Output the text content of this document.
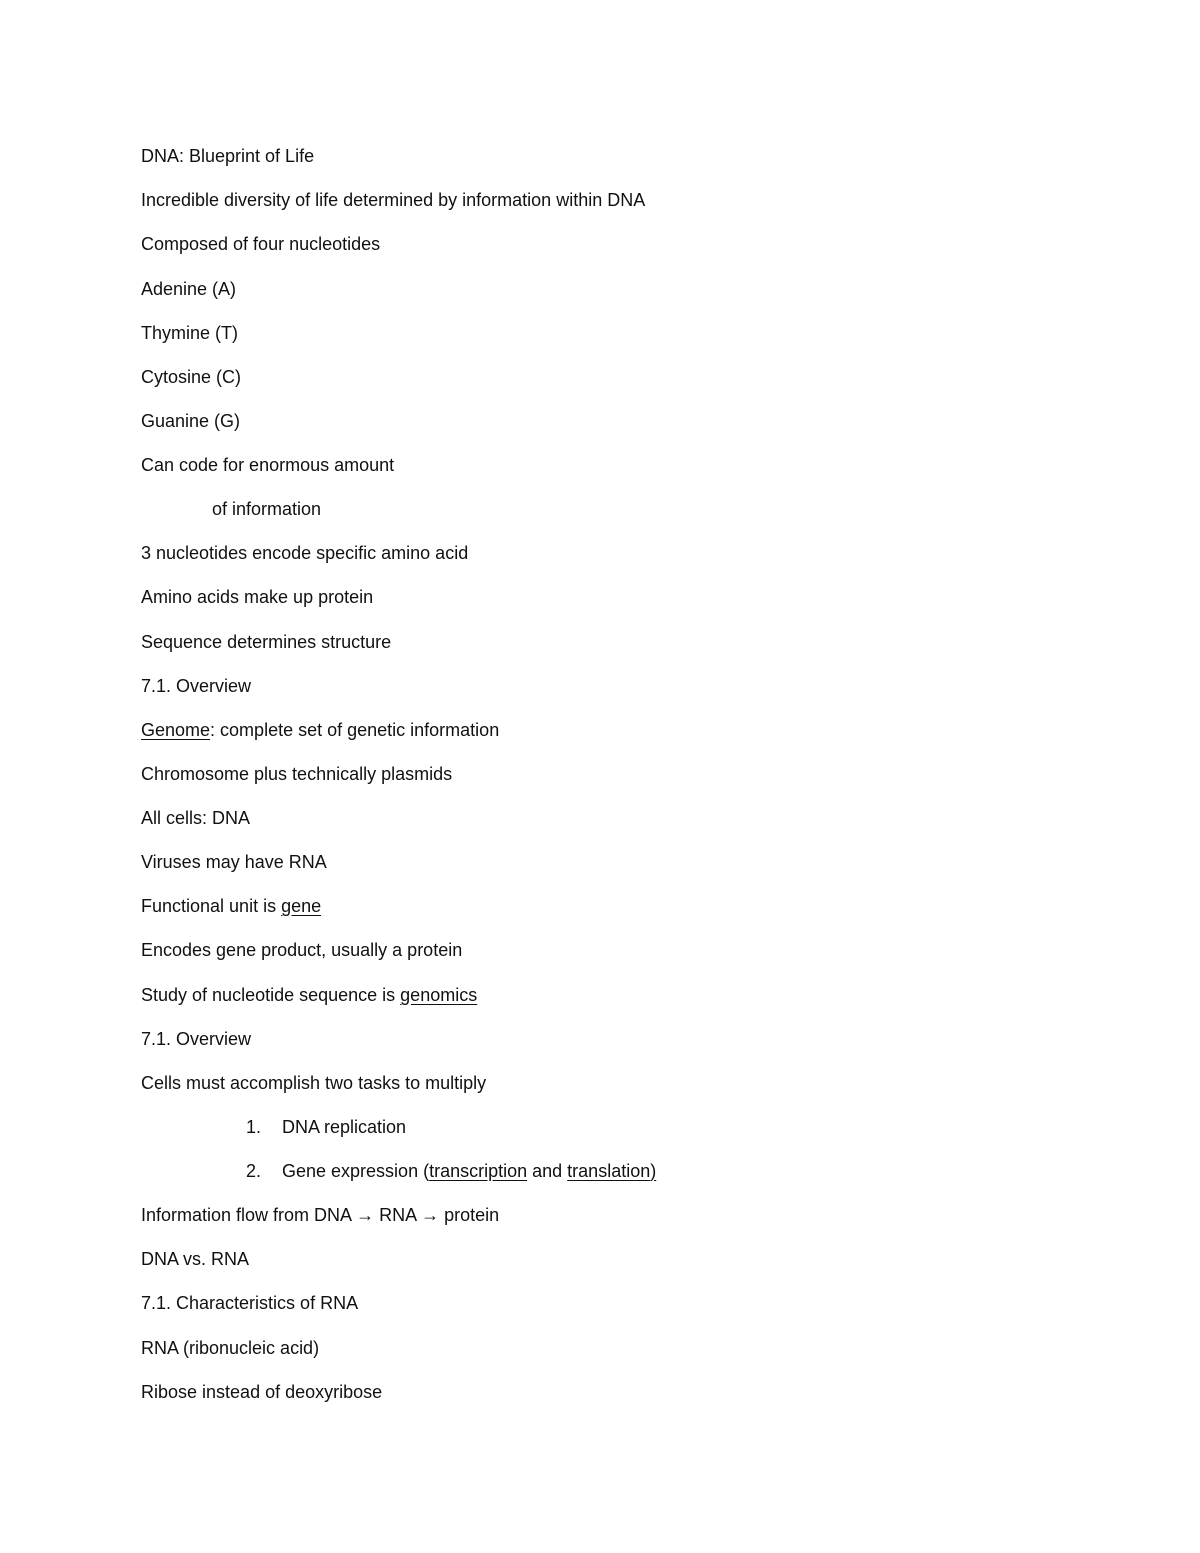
DNA: Blueprint of Life
Incredible diversity of life determined by information within DNA
Composed of four nucleotides
Adenine (A)
Thymine (T)
Cytosine (C)
Guanine (G)
Can code for enormous amount
of information
3 nucleotides encode specific amino acid
Amino acids make up protein
Sequence determines structure
7.1. Overview
Genome: complete set of genetic information
Chromosome plus technically plasmids
All cells: DNA
Viruses may have RNA
Functional unit is gene
Encodes gene product, usually a protein
Study of nucleotide sequence is genomics
7.1. Overview
Cells must accomplish two tasks to multiply
1. DNA replication
2. Gene expression (transcription and translation)
Information flow from DNA → RNA → protein
DNA vs. RNA
7.1. Characteristics of RNA
RNA (ribonucleic acid)
Ribose instead of deoxyribose
